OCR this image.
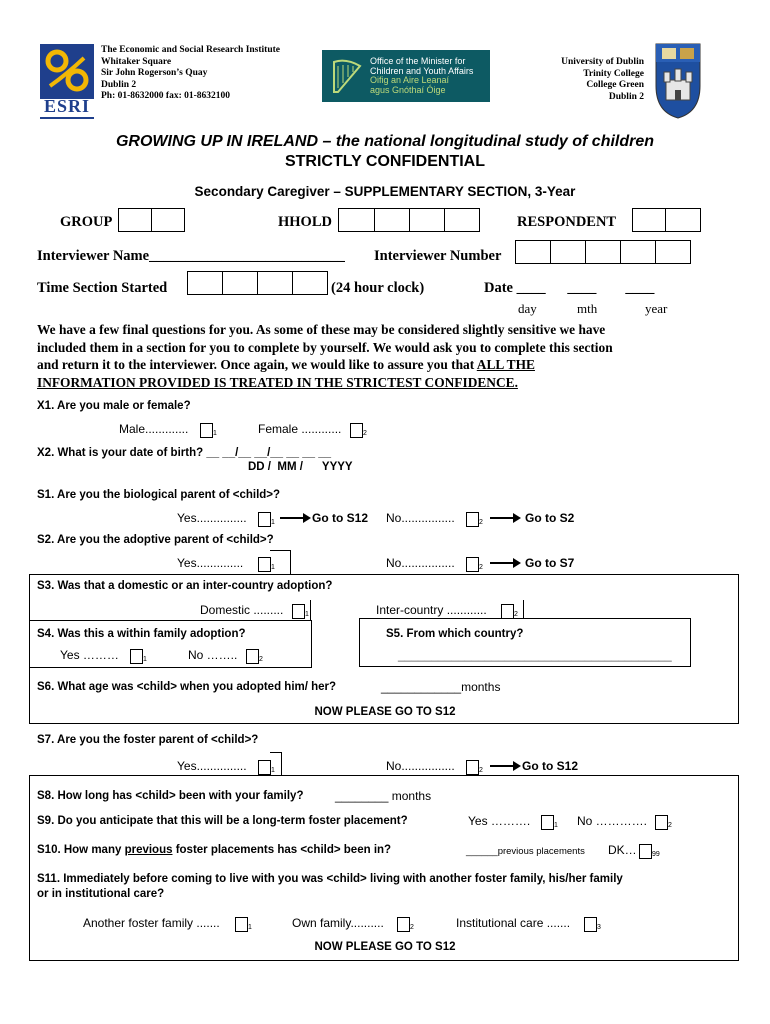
ESRI
The Economic and Social Research Institute
Whitaker Square
Sir John Rogerson’s Quay
Dublin 2
Ph: 01-8632000 fax: 01-8632100
Office of the Minister for
Children and Youth Affairs
Oifig an Aire Leanaí
agus Gnóthaí Óige
University of Dublin
Trinity College
College Green
Dublin 2
GROWING UP IN IRELAND – the national longitudinal study of children
STRICTLY CONFIDENTIAL
Secondary Caregiver – SUPPLEMENTARY SECTION, 3-Year
GROUP	HHOLD	RESPONDENT
Interviewer Name___________________________ Interviewer Number
Time Section Started	(24 hour clock)	Date ____      ____        ____
day	mth	year
We have a few final questions for you. As some of these may be considered slightly sensitive we have
included them in a section for you to complete by yourself. We would ask you to complete this section
and return it to the interviewer. Once again, we would like to assure you that ALL THE
INFORMATION PROVIDED IS TREATED IN THE STRICTEST CONFIDENCE.
X1. Are you male or female?
Male.............	1	Female ............	2
X2. What is your date of birth? __ __/__ __/__ __ __ __
DD /  MM /      YYYY
S1. Are you the biological parent of <child>?
Yes...............	1	Go to S12 No................	2	Go to S2
S2. Are you the adoptive parent of <child>?
Yes..............	1	No................	2	Go to S7
S3. Was that a domestic or an inter-country adoption?
Domestic .........	1	Inter-country ............	2
S4. Was this a within family adoption?
Yes ………	1	No ……..	2
S5. From which country?
_________________________________________
S6. What age was <child> when you adopted him/ her?	____________months
NOW PLEASE GO TO S12
S7. Are you the foster parent of <child>?
Yes...............	1	No................	2	Go to S12
S8. How long has <child> been with your family?	________ months
S9. Do you anticipate that this will be a long-term foster placement?	Yes ……….	1 No ………….	2
S10. How many previous foster placements has <child> been in?	______previous placements DK… 99
S11. Immediately before coming to live with you was <child> living with another foster family, his/her family
or in institutional care?
Another foster family .......	1	Own family..........	2	Institutional care .......	3
NOW PLEASE GO TO S12
